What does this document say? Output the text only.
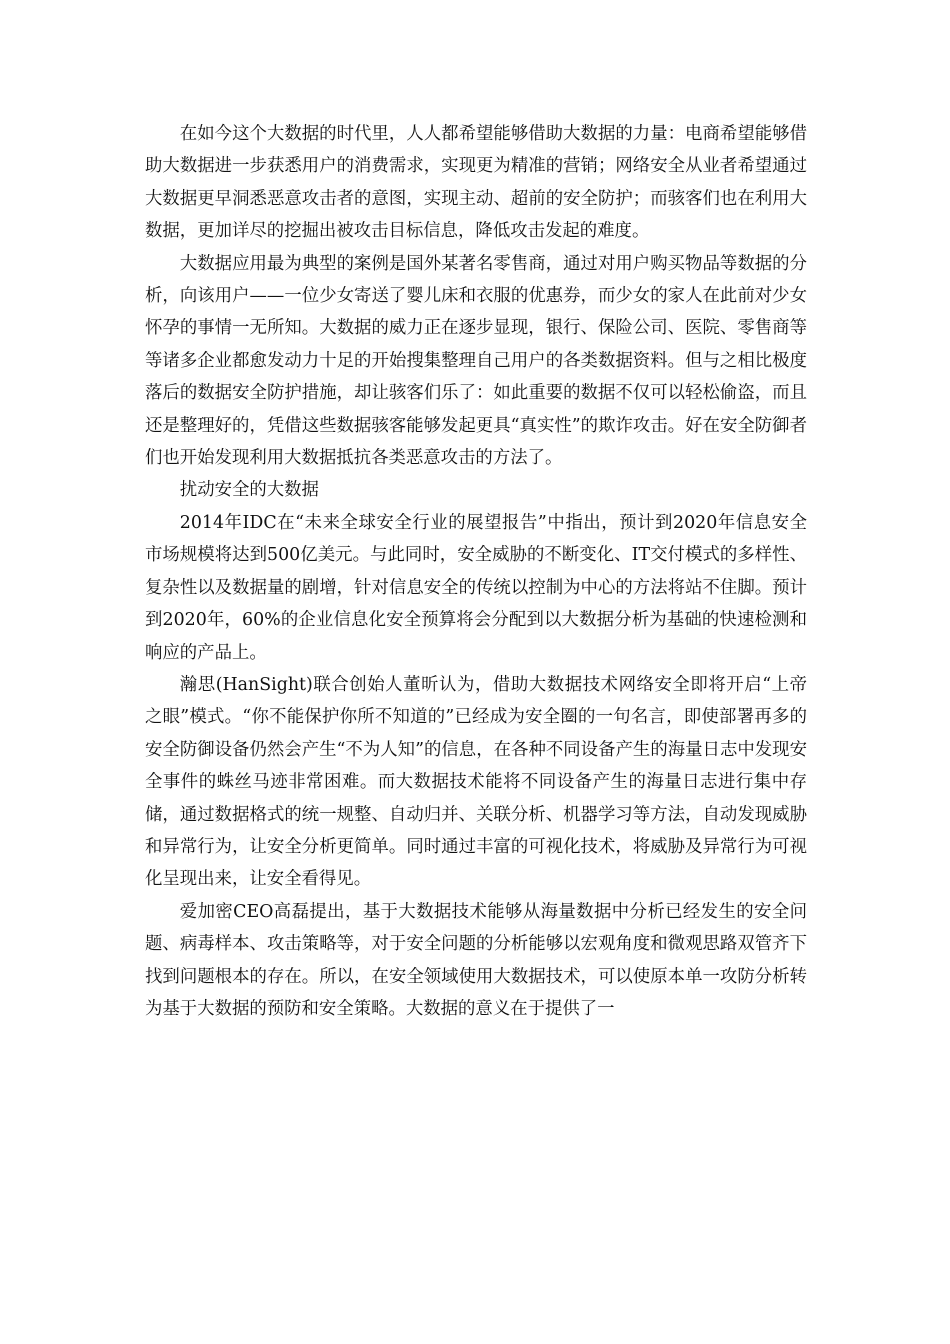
在如今这个大数据的时代里，人人都希望能够借助大数据的力量：电商希望能够借助大数据进一步获悉用户的消费需求，实现更为精准的营销；网络安全从业者希望通过大数据更早洞悉恶意攻击者的意图，实现主动、超前的安全防护；而骇客们也在利用大数据，更加详尽的挖掘出被攻击目标信息，降低攻击发起的难度。

大数据应用最为典型的案例是国外某著名零售商，通过对用户购买物品等数据的分析，向该用户——一位少女寄送了婴儿床和衣服的优惠券，而少女的家人在此前对少女怀孕的事情一无所知。大数据的威力正在逐步显现，银行、保险公司、医院、零售商等等诸多企业都愈发动力十足的开始搜集整理自己用户的各类数据资料。但与之相比极度落后的数据安全防护措施，却让骇客们乐了：如此重要的数据不仅可以轻松偷盗，而且还是整理好的，凭借这些数据骇客能够发起更具“真实性”的欺诈攻击。好在安全防御者们也开始发现利用大数据抵抗各类恶意攻击的方法了。

扰动安全的大数据

2014年IDC在“未来全球安全行业的展望报告”中指出，预计到2020年信息安全市场规模将达到500亿美元。与此同时，安全威胁的不断变化、IT交付模式的多样性、复杂性以及数据量的剧增，针对信息安全的传统以控制为中心的方法将站不住脚。预计到2020年，60%的企业信息化安全预算将会分配到以大数据分析为基础的快速检测和响应的产品上。

瀚思(HanSight)联合创始人董昕认为，借助大数据技术网络安全即将开启“上帝之眼”模式。“你不能保护你所不知道的”已经成为安全圈的一句名言，即使部署再多的安全防御设备仍然会产生“不为人知”的信息，在各种不同设备产生的海量日志中发现安全事件的蛛丝马迹非常困难。而大数据技术能将不同设备产生的海量日志进行集中存储，通过数据格式的统一规整、自动归并、关联分析、机器学习等方法，自动发现威胁和异常行为，让安全分析更简单。同时通过丰富的可视化技术，将威胁及异常行为可视化呈现出来，让安全看得见。

爱加密CEO高磊提出，基于大数据技术能够从海量数据中分析已经发生的安全问题、病毒样本、攻击策略等，对于安全问题的分析能够以宏观角度和微观思路双管齐下找到问题根本的存在。所以，在安全领域使用大数据技术，可以使原本单一攻防分析转为基于大数据的预防和安全策略。大数据的意义在于提供了一
